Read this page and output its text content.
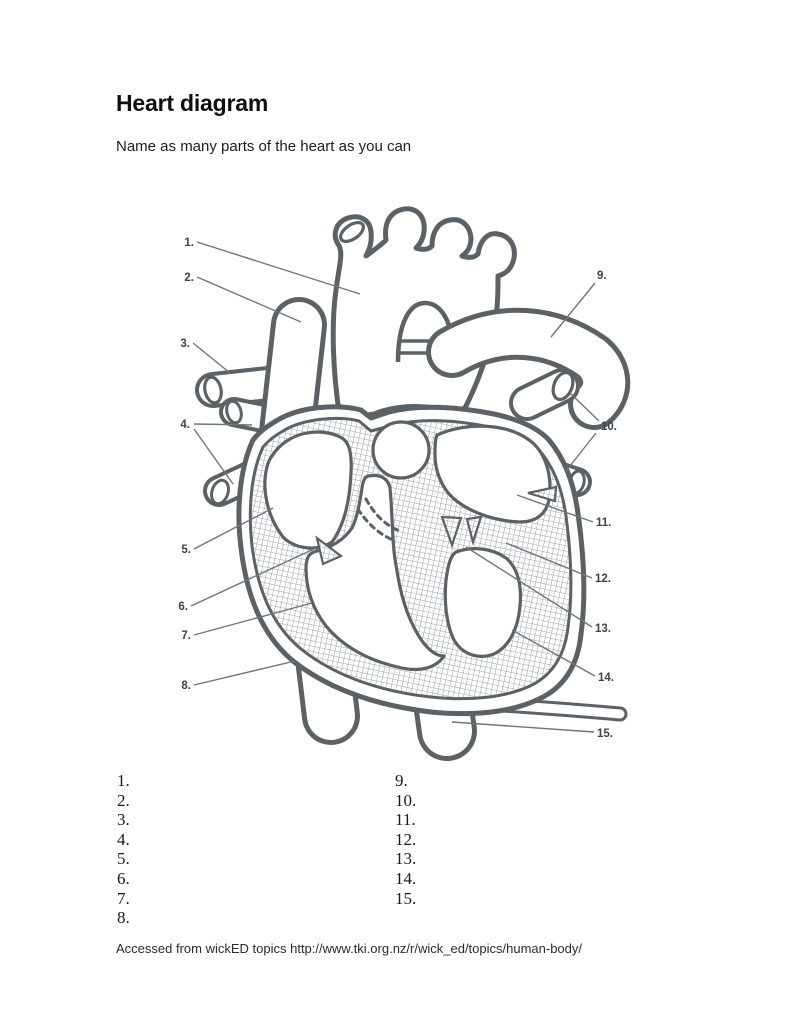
Heart diagram

Name as many parts of the heart as you can

1.
2.
3.
4.
5.
6.
7.
8.
9.
10.
11.
12.
13.
14.
15.
1.
2.
3.
4.
5.
6.
7.
8.
9.
10.
11.
12.
13.
14.
15.

Accessed from wickED topics http://www.tki.org.nz/r/wick_ed/topics/human-body/
